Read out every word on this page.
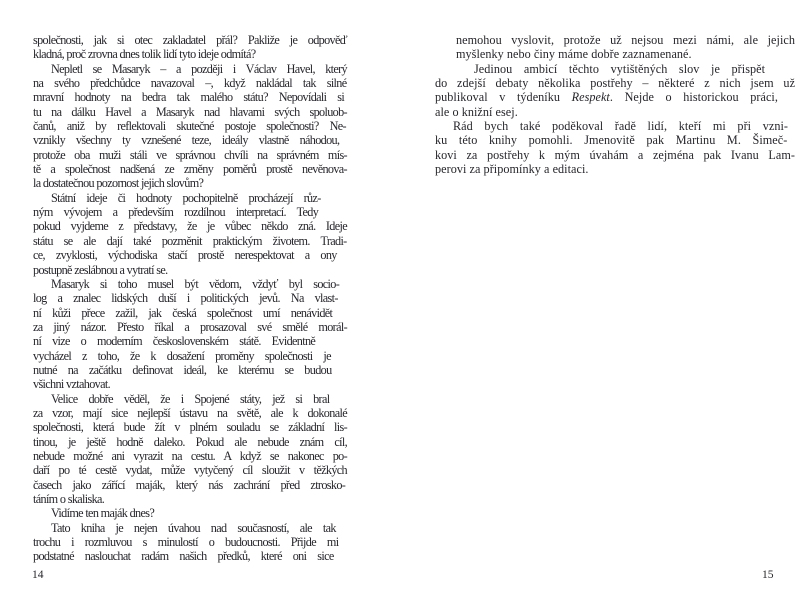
společnosti, jak si otec zakladatel přál? Pakliže je odpověď
kladná, proč zrovna dnes tolik lidí tyto ideje odmítá?
Nepletl se Masaryk – a později i Václav Havel, který
na svého předchůdce navazoval –, když nakládal tak silné
mravní hodnoty na bedra tak malého státu? Nepovídali si
tu na dálku Havel a Masaryk nad hlavami svých spoluob-
čanů, aniž by reflektovali skutečné postoje společnosti? Ne-
vznikly všechny ty vznešené teze, ideály vlastně náhodou,
protože oba muži stáli ve správnou chvíli na správném mís-
tě a společnost nadšená ze změny poměrů prostě nevěnova-
la dostatečnou pozornost jejich slovům?
Státní ideje či hodnoty pochopitelně procházejí růz-
ným vývojem a především rozdílnou interpretací. Tedy
pokud vyjdeme z představy, že je vůbec někdo zná. Ideje
státu se ale dají také pozměnit praktickým životem. Tradi-
ce, zvyklosti, východiska stačí prostě nerespektovat a ony
postupně zeslábnou a vytratí se.
Masaryk si toho musel být vědom, vždyť byl socio-
log a znalec lidských duší i politických jevů. Na vlast-
ní kůži přece zažil, jak česká společnost umí nenávidět
za jiný názor. Přesto říkal a prosazoval své smělé morál-
ní vize o moderním československém státě. Evidentně
vycházel z toho, že k dosažení proměny společnosti je
nutné na začátku definovat ideál, ke kterému se budou
všichni vztahovat.
Velice dobře věděl, že i Spojené státy, jež si bral
za vzor, mají sice nejlepší ústavu na světě, ale k dokonalé
společnosti, která bude žít v plném souladu se základní lis-
tinou, je ještě hodně daleko. Pokud ale nebude znám cíl,
nebude možné ani vyrazit na cestu. A když se nakonec po-
daří po té cestě vydat, může vytyčený cíl sloužit v těžkých
časech jako zářící maják, který nás zachrání před ztrosko-
táním o skaliska.
Vidíme ten maják dnes?
Tato kniha je nejen úvahou nad současností, ale tak
trochu i rozmluvou s minulostí o budoucnosti. Přijde mi
podstatné naslouchat radám našich předků, které oni sice
nemohou vyslovit, protože už nejsou mezi námi, ale jejich
myšlenky nebo činy máme dobře zaznamenané.
Jedinou ambicí těchto vytištěných slov je přispět
do zdejší debaty několika postřehy – některé z nich jsem už
publikoval v týdeníku Respekt. Nejde o historickou práci,
ale o knižní esej.
Rád bych také poděkoval řadě lidí, kteří mi při vzni-
ku této knihy pomohli. Jmenovitě pak Martinu M. Šimeč-
kovi za postřehy k mým úvahám a zejména pak Ivanu Lam-
perovi za připomínky a editaci.
14	15
